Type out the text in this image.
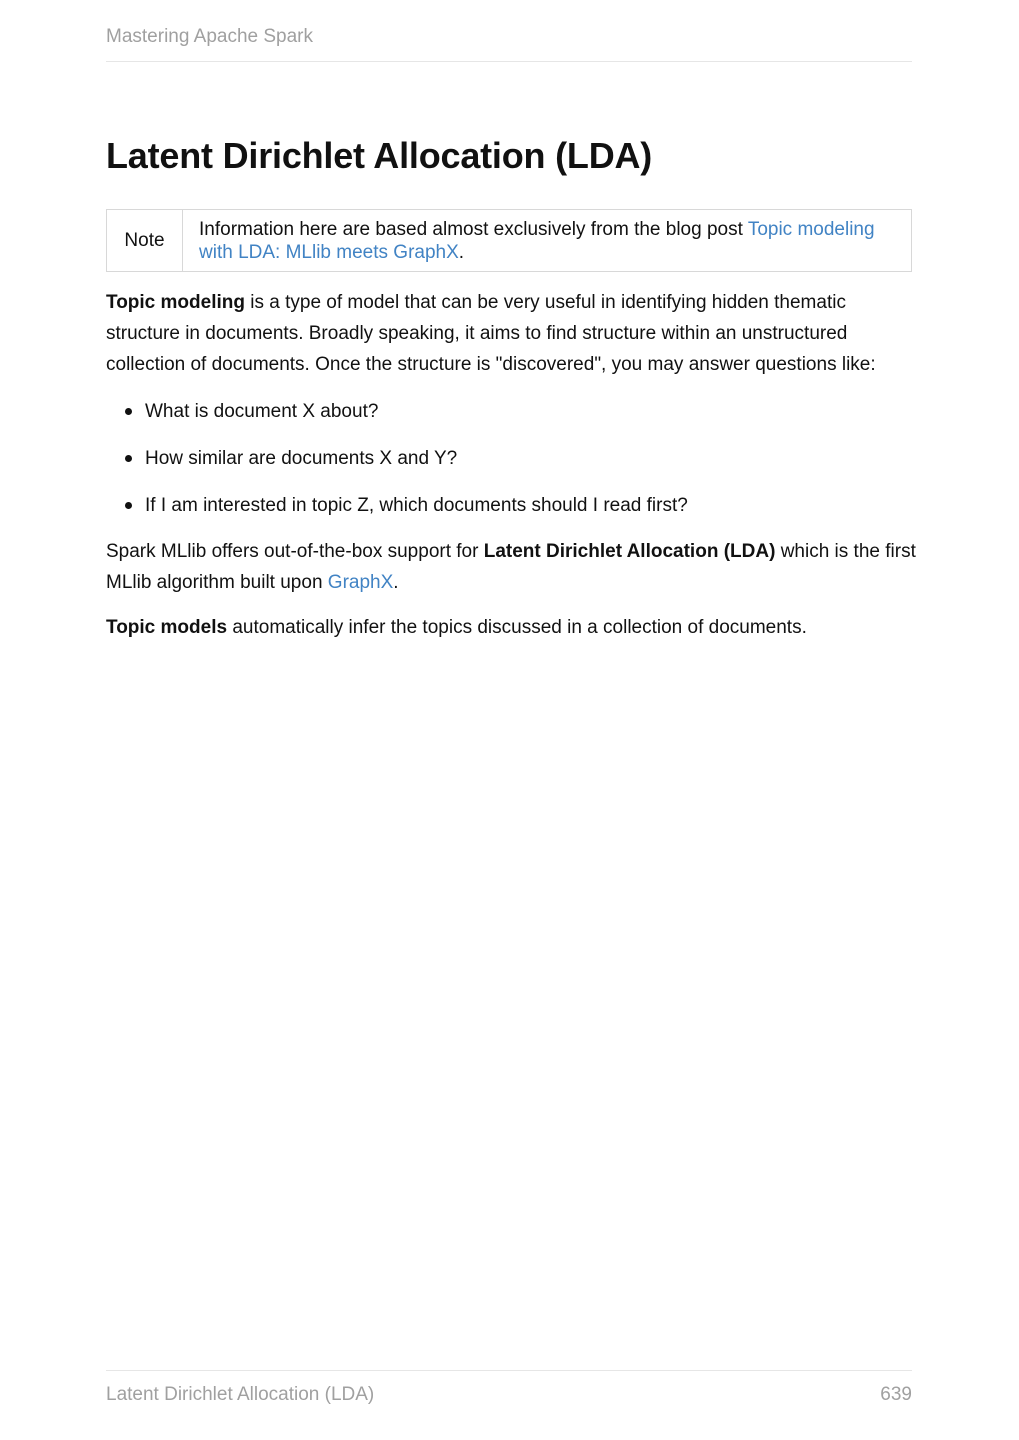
Mastering Apache Spark
Latent Dirichlet Allocation (LDA)
Note	Information here are based almost exclusively from the blog post Topic modeling with LDA: MLlib meets GraphX.

Topic modeling is a type of model that can be very useful in identifying hidden thematic structure in documents. Broadly speaking, it aims to find structure within an unstructured collection of documents. Once the structure is "discovered", you may answer questions like:

What is document X about?
How similar are documents X and Y?
If I am interested in topic Z, which documents should I read first?

Spark MLlib offers out-of-the-box support for Latent Dirichlet Allocation (LDA) which is the first MLlib algorithm built upon GraphX.

Topic models automatically infer the topics discussed in a collection of documents.

Latent Dirichlet Allocation (LDA)	639
